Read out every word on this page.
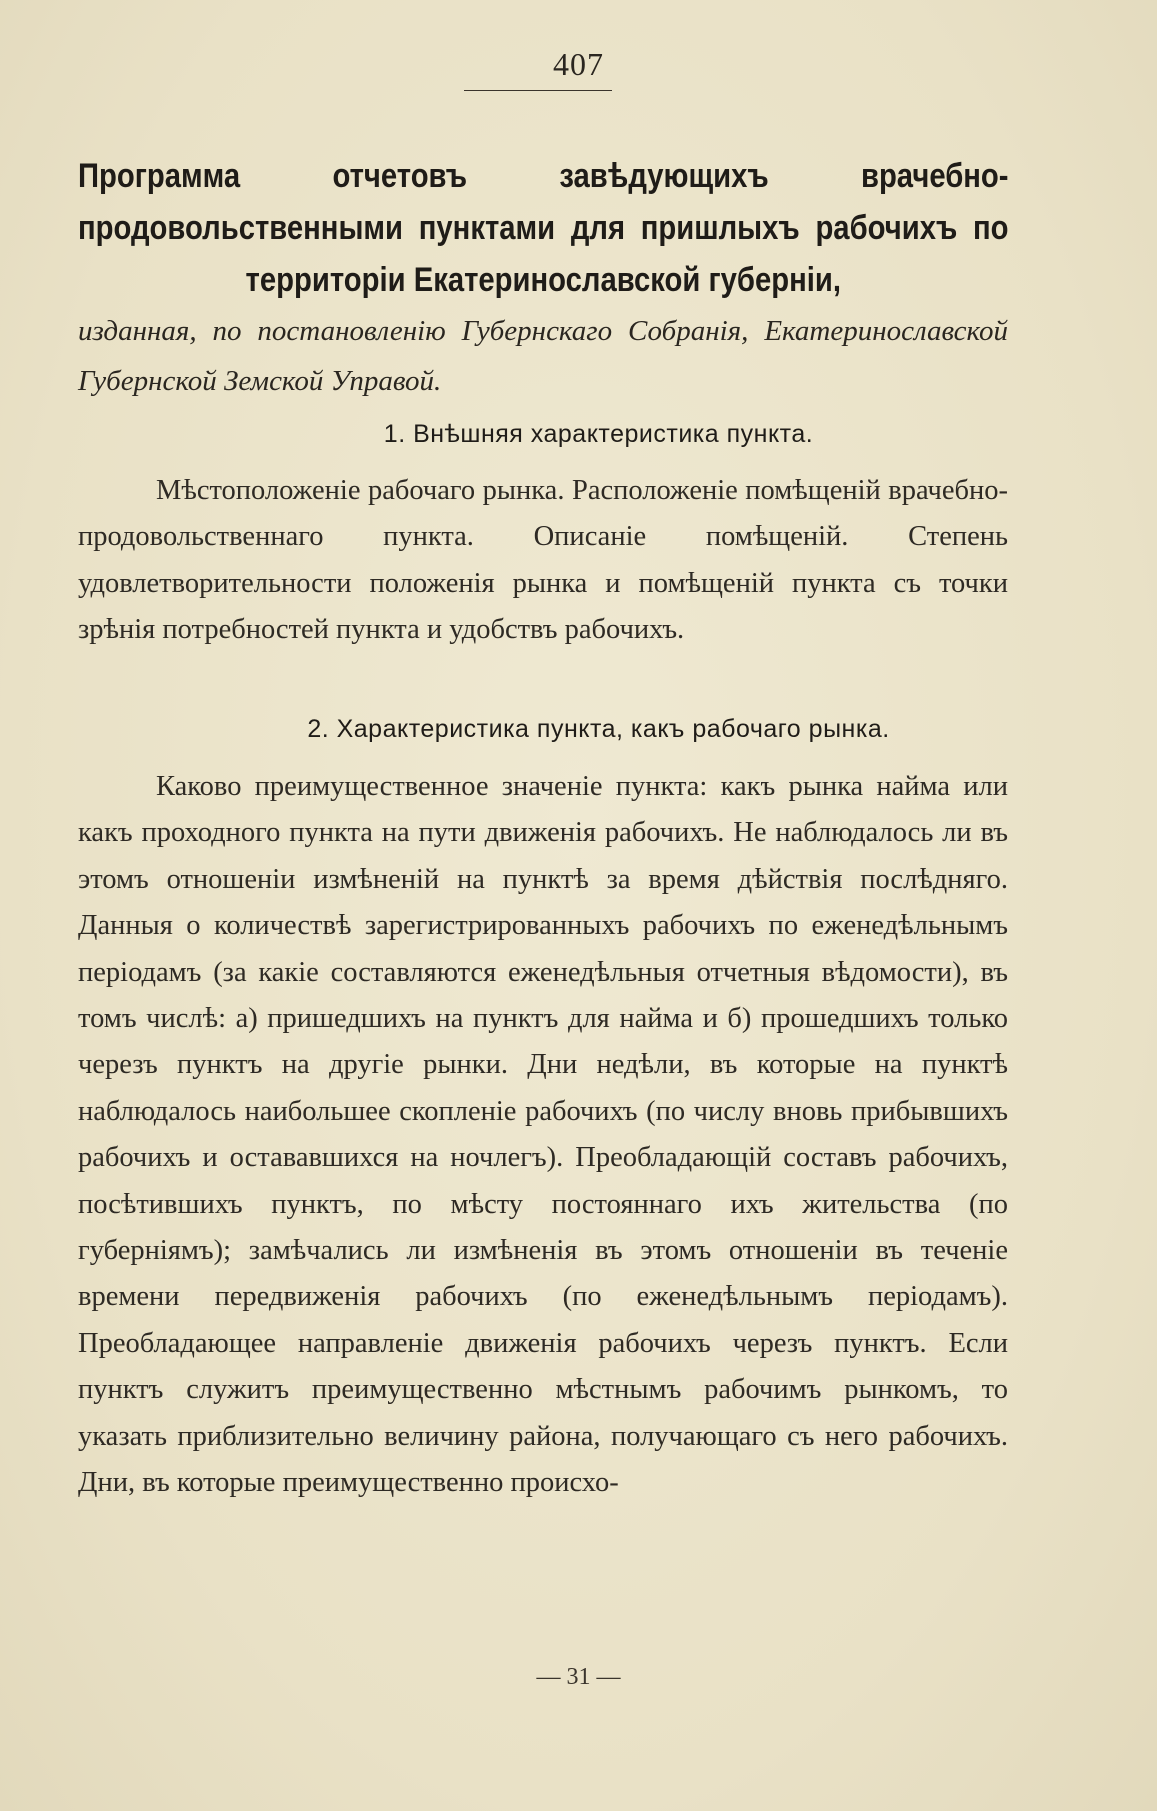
407
Программа отчетовъ завѣдующихъ врачебно-продовольственными пунктами для пришлыхъ рабочихъ по территоріи Екатеринославской губерніи,
изданная, по постановленію Губернскаго Собранія, Екатеринославской Губернской Земской Управой.
1. Внѣшняя характеристика пункта.
Мѣстоположеніе рабочаго рынка. Расположеніе помѣщеній врачебно-продовольственнаго пункта. Описаніе помѣщеній. Степень удовлетворительности положенія рынка и помѣщеній пункта съ точки зрѣнія потребностей пункта и удобствъ рабочихъ.
2. Характеристика пункта, какъ рабочаго рынка.
Каково преимущественное значеніе пункта: какъ рынка найма или какъ проходного пункта на пути движенія рабочихъ. Не наблюдалось ли въ этомъ отношеніи измѣненій на пунктѣ за время дѣйствія послѣдняго. Данныя о количествѣ зарегистрированныхъ рабочихъ по еженедѣльнымъ періодамъ (за какіе составляются еженедѣльныя отчетныя вѣдомости), въ томъ числѣ: а) пришедшихъ на пунктъ для найма и б) прошедшихъ только черезъ пунктъ на другіе рынки. Дни недѣли, въ которые на пунктѣ наблюдалось наибольшее скопленіе рабочихъ (по числу вновь прибывшихъ рабочихъ и остававшихся на ночлегъ). Преобладающій составъ рабочихъ, посѣтившихъ пунктъ, по мѣсту постояннаго ихъ жительства (по губерніямъ); замѣчались ли измѣненія въ этомъ отношеніи въ теченіе времени передвиженія рабочихъ (по еженедѣльнымъ періодамъ). Преобладающее направленіе движенія рабочихъ черезъ пунктъ. Если пунктъ служитъ преимущественно мѣстнымъ рабочимъ рынкомъ, то указать приблизительно величину района, получающаго съ него рабочихъ. Дни, въ которые преимущественно происхо-
— 31 —
